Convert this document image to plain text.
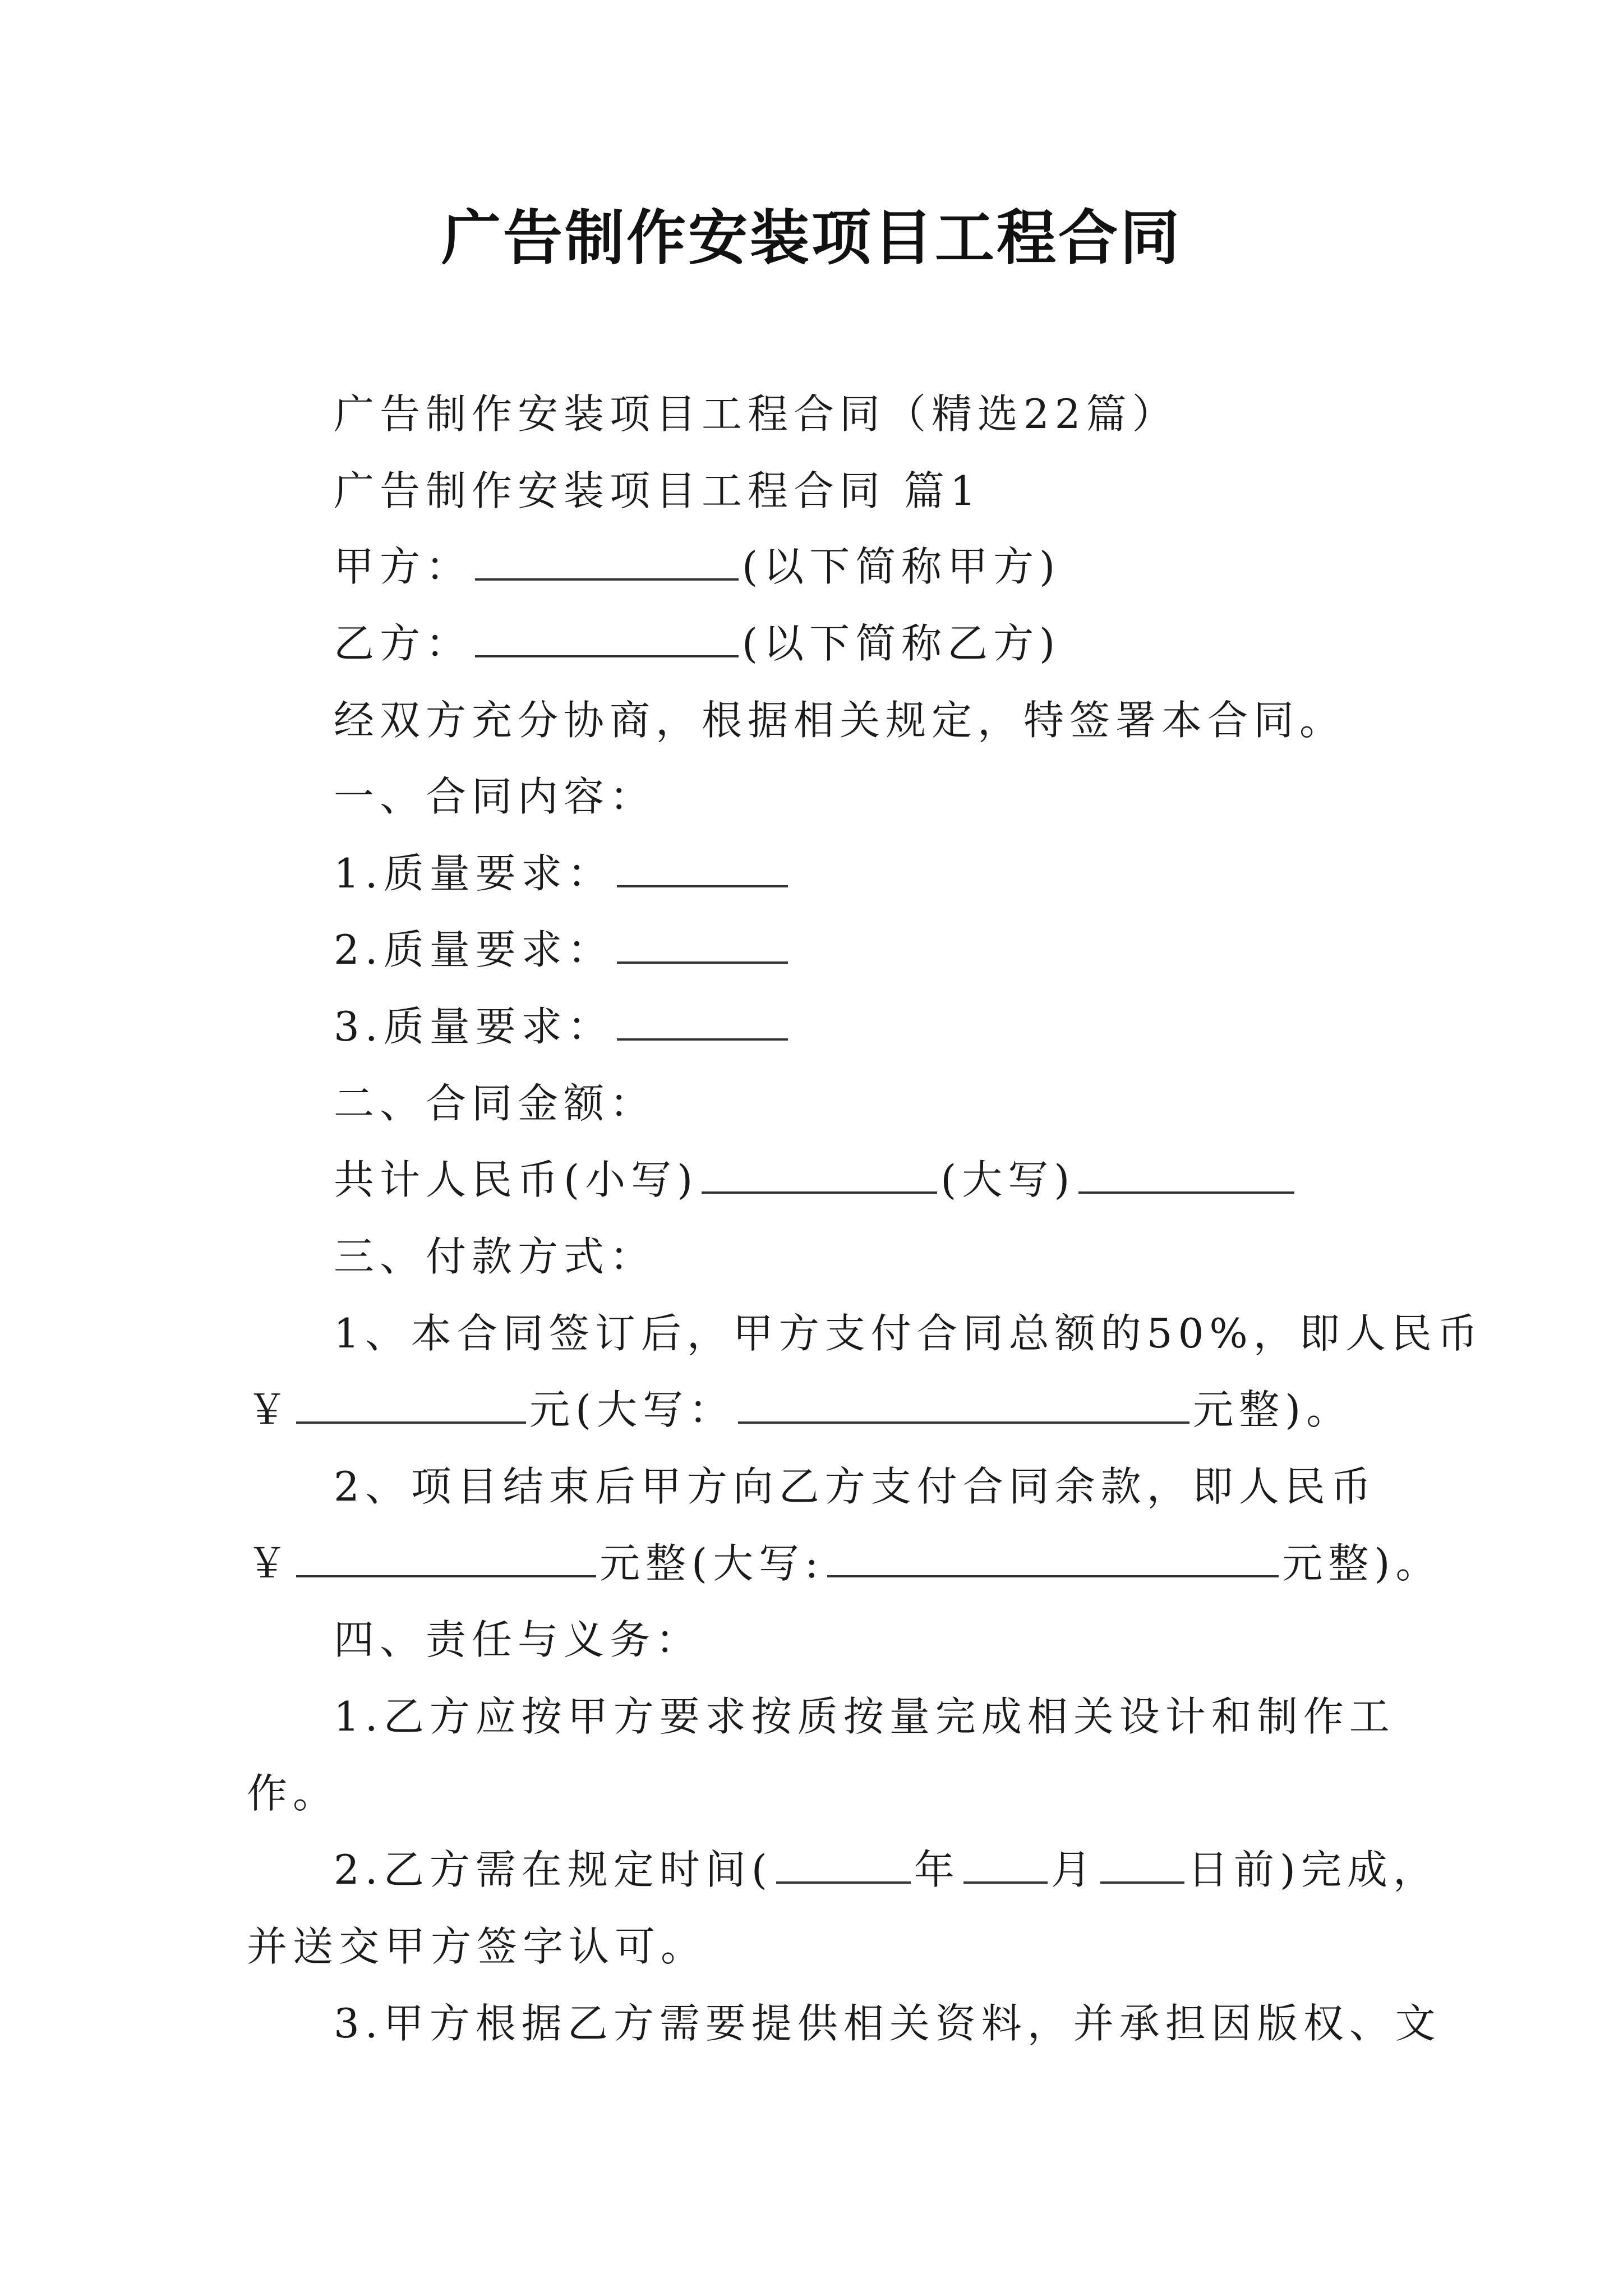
广告制作安装项目工程合同
广告制作安装项目工程合同（精选22篇）
广告制作安装项目工程合同 篇1
甲方：	(以下简称甲方)
乙方：	(以下简称乙方)
经双方充分协商，根据相关规定，特签署本合同。
一、合同内容：
1.质量要求：
2.质量要求：
3.质量要求：
二、合同金额：
共计人民币(小写)	(大写)
三、付款方式：
1、本合同签订后，甲方支付合同总额的50%，即人民币
￥	元(大写：	元整)。
2、项目结束后甲方向乙方支付合同余款，即人民币
￥	元整(大写:	元整)。
四、责任与义务：
1.乙方应按甲方要求按质按量完成相关设计和制作工
作。
2.乙方需在规定时间(	年 月 日前)完成，
并送交甲方签字认可。
3.甲方根据乙方需要提供相关资料，并承担因版权、文
